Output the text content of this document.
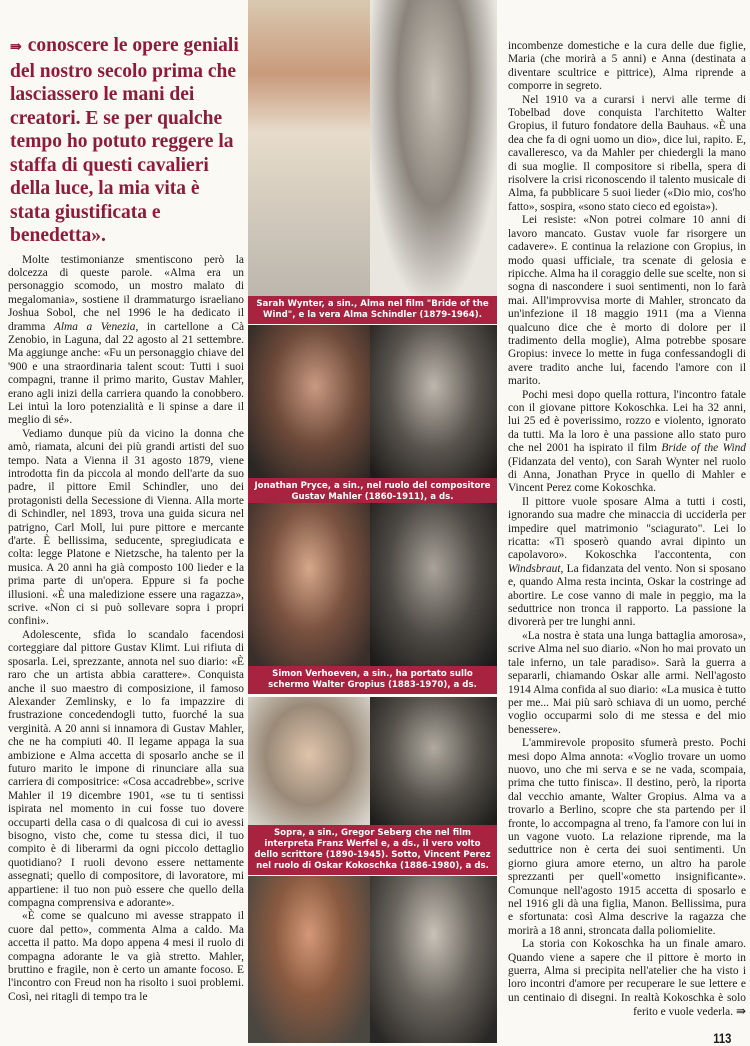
⇛ conoscere le opere geniali del nostro secolo prima che lasciassero le mani dei creatori. E se per qualche tempo ho potuto reggere la staffa di questi cavalieri della luce, la mia vita è stata giustificata e benedetta».

Molte testimonianze smentiscono però la dolcezza di queste parole. «Alma era un personaggio scomodo, un mostro malato di megalomania», sostiene il drammaturgo israeliano Joshua Sobol, che nel 1996 le ha dedicato il dramma Alma a Venezia, in cartellone a Cà Zenobio, in Laguna, dal 22 agosto al 21 settembre. Ma aggiunge anche: «Fu un personaggio chiave del '900 e una straordinaria talent scout: Tutti i suoi compagni, tranne il primo marito, Gustav Mahler, erano agli inizi della carriera quando la conobbero. Lei intuì la loro potenzialità e li spinse a dare il meglio di sé».

Vediamo dunque più da vicino la donna che amò, riamata, alcuni dei più grandi artisti del suo tempo. Nata a Vienna il 31 agosto 1879, viene introdotta fin da piccola al mondo dell'arte da suo padre, il pittore Emil Schindler, uno dei protagonisti della Secessione di Vienna. Alla morte di Schindler, nel 1893, trova una guida sicura nel patrigno, Carl Moll, lui pure pittore e mercante d'arte. È bellissima, seducente, spregiudicata e colta: legge Platone e Nietzsche, ha talento per la musica. A 20 anni ha già composto 100 lieder e la prima parte di un'opera. Eppure si fa poche illusioni. «È una maledizione essere una ragazza», scrive. «Non ci si può sollevare sopra i propri confini».

Adolescente, sfida lo scandalo facendosi corteggiare dal pittore Gustav Klimt. Lui rifiuta di sposarla. Lei, sprezzante, annota nel suo diario: «È raro che un artista abbia carattere». Conquista anche il suo maestro di composizione, il famoso Alexander Zemlinsky, e lo fa impazzire di frustrazione concedendogli tutto, fuorché la sua verginità. A 20 anni si innamora di Gustav Mahler, che ne ha compiuti 40. Il legame appaga la sua ambizione e Alma accetta di sposarlo anche se il futuro marito le impone di rinunciare alla sua carriera di compositrice: «Cosa accadrebbe», scrive Mahler il 19 dicembre 1901, «se tu ti sentissi ispirata nel momento in cui fosse tuo dovere occuparti della casa o di qualcosa di cui io avessi bisogno, visto che, come tu stessa dici, il tuo compito è di liberarmi da ogni piccolo dettaglio quotidiano? I ruoli devono essere nettamente assegnati; quello di compositore, di lavoratore, mi appartiene: il tuo non può essere che quello della compagna comprensiva e adorante».

«È come se qualcuno mi avesse strappato il cuore dal petto», commenta Alma a caldo. Ma accetta il patto. Ma dopo appena 4 mesi il ruolo di compagna adorante le va già stretto. Mahler, bruttino e fragile, non è certo un amante focoso. E l'incontro con Freud non ha risolto i suoi problemi. Così, nei ritagli di tempo tra le

Sarah Wynter, a sin., Alma nel film "Bride of the Wind", e la vera Alma Schindler (1879-1964).
Jonathan Pryce, a sin., nel ruolo del compositore Gustav Mahler (1860-1911), a ds.
Simon Verhoeven, a sin., ha portato sullo schermo Walter Gropius (1883-1970), a ds.
Sopra, a sin., Gregor Seberg che nel film interpreta Franz Werfel e, a ds., il vero volto dello scrittore (1890-1945). Sotto, Vincent Perez nel ruolo di Oskar Kokoschka (1886-1980), a ds.

incombenze domestiche e la cura delle due figlie, Maria (che morirà a 5 anni) e Anna (destinata a diventare scultrice e pittrice), Alma riprende a comporre in segreto.

Nel 1910 va a curarsi i nervi alle terme di Tobelbad dove conquista l'architetto Walter Gropius, il futuro fondatore della Bauhaus. «È una dea che fa di ogni uomo un dio», dice lui, rapito. E, cavalleresco, va da Mahler per chiedergli la mano di sua moglie. Il compositore si ribella, spera di risolvere la crisi riconoscendo il talento musicale di Alma, fa pubblicare 5 suoi lieder («Dio mio, cos'ho fatto», sospira, «sono stato cieco ed egoista»).

Lei resiste: «Non potrei colmare 10 anni di lavoro mancato. Gustav vuole far risorgere un cadavere». E continua la relazione con Gropius, in modo quasi ufficiale, tra scenate di gelosia e ripicche. Alma ha il coraggio delle sue scelte, non si sogna di nascondere i suoi sentimenti, non lo farà mai. All'improvvisa morte di Mahler, stroncato da un'infezione il 18 maggio 1911 (ma a Vienna qualcuno dice che è morto di dolore per il tradimento della moglie), Alma potrebbe sposare Gropius: invece lo mette in fuga confessandogli di avere tradito anche lui, facendo l'amore con il marito.

Pochi mesi dopo quella rottura, l'incontro fatale con il giovane pittore Kokoschka. Lei ha 32 anni, lui 25 ed è poverissimo, rozzo e violento, ignorato da tutti. Ma la loro è una passione allo stato puro che nel 2001 ha ispirato il film Bride of the Wind (Fidanzata del vento), con Sarah Wynter nel ruolo di Anna, Jonathan Pryce in quello di Mahler e Vincent Perez come Kokoschka.

Il pittore vuole sposare Alma a tutti i costi, ignorando sua madre che minaccia di ucciderla per impedire quel matrimonio "sciagurato". Lei lo ricatta: «Ti sposerò quando avrai dipinto un capolavoro». Kokoschka l'accontenta, con Windsbraut, La fidanzata del vento. Non si sposano e, quando Alma resta incinta, Oskar la costringe ad abortire. Le cose vanno di male in peggio, ma la seduttrice non tronca il rapporto. La passione la divorerà per tre lunghi anni.

«La nostra è stata una lunga battaglia amorosa», scrive Alma nel suo diario. «Non ho mai provato un tale inferno, un tale paradiso». Sarà la guerra a separarli, chiamando Oskar alle armi. Nell'agosto 1914 Alma confida al suo diario: «La musica è tutto per me... Mai più sarò schiava di un uomo, perché voglio occuparmi solo di me stessa e del mio benessere».

L'ammirevole proposito sfumerà presto. Pochi mesi dopo Alma annota: «Voglio trovare un uomo nuovo, uno che mi serva e se ne vada, scompaia, prima che tutto finisca». Il destino, però, la riporta dal vecchio amante, Walter Gropius. Alma va a trovarlo a Berlino, scopre che sta partendo per il fronte, lo accompagna al treno, fa l'amore con lui in un vagone vuoto. La relazione riprende, ma la seduttrice non è certa dei suoi sentimenti. Un giorno giura amore eterno, un altro ha parole sprezzanti per quell'«ometto insignificante». Comunque nell'agosto 1915 accetta di sposarlo e nel 1916 gli dà una figlia, Manon. Bellissima, pura e sfortunata: così Alma descrive la ragazza che morirà a 18 anni, stroncata dalla poliomielite.

La storia con Kokoschka ha un finale amaro. Quando viene a sapere che il pittore è morto in guerra, Alma si precipita nell'atelier che ha visto i loro incontri d'amore per recuperare le sue lettere e un centinaio di disegni. In realtà Kokoschka è solo ferito e vuole vederla. ⇛

113
